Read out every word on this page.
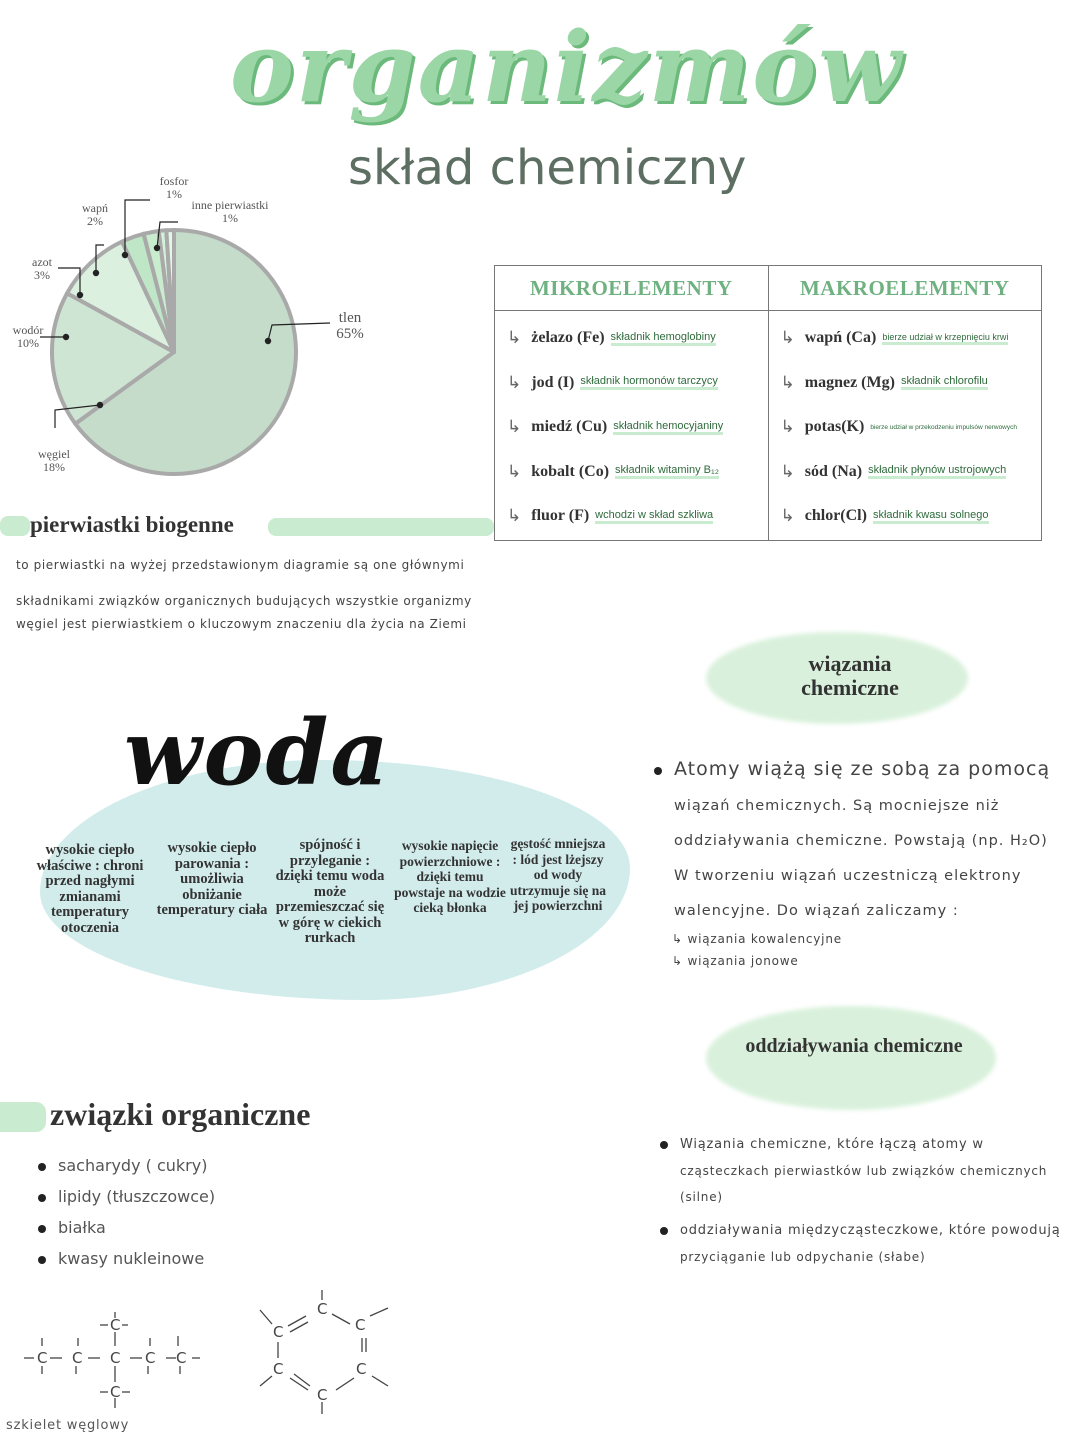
organizmów
skład chemiczny
fosfor
1%
inne pierwiastki
1%
wapń
2%
azot
3%
wodór
10%
węgiel
18%
tlen
65%
MIKROELEMENTY
↳ żelazo (Fe) składnik hemoglobiny
↳ jod (I) składnik hormonów tarczycy
↳ miedź (Cu) składnik hemocyjaniny
↳ kobalt (Co) składnik witaminy B₁₂
↳ fluor (F) wchodzi w skład szkliwa
MAKROELEMENTY
↳ wapń (Ca) bierze udział w krzepnięciu krwi
↳ magnez (Mg) składnik chlorofilu
↳ potas(K) bierze udział w przekodzeniu impulsów nerwowych
↳ sód (Na) składnik płynów ustrojowych
↳ chlor(Cl) składnik kwasu solnego
pierwiastki biogenne
to pierwiastki na wyżej przedstawionym diagramie są one głównymi
składnikami związków organicznych budujących wszystkie organizmy
węgiel jest pierwiastkiem o kluczowym znaczeniu dla życia na Ziemi
woda
wysokie ciepło właściwe : chroni przed nagłymi zmianami temperatury otoczenia
wysokie ciepło parowania : umożliwia obniżanie temperatury ciała
spójność i przyleganie : dzięki temu woda może przemieszczać się w górę w ciekich rurkach
wysokie napięcie powierzchniowe : dzięki temu powstaje na wodzie cieką błonka
gęstość mniejsza : lód jest lżejszy od wody utrzymuje się na jej powierzchni
związki organiczne
sacharydy ( cukry)
lipidy (tłuszczowce)
białka
kwasy nukleinowe
C C C C C
C
C
C
C
C
C	C
C
szkielet węglowy
wiązania chemiczne
Atomy wiążą się ze sobą za pomocą
wiązań chemicznych. Są mocniejsze niż
oddziaływania chemiczne. Powstają (np. H₂O)
W tworzeniu wiązań uczestniczą elektrony
walencyjne. Do wiązań zaliczamy :
↳ wiązania kowalencyjne
↳ wiązania jonowe
oddziaływania chemiczne
Wiązania chemiczne, które łączą atomy w
cząsteczkach pierwiastków lub związków chemicznych
(silne)
oddziaływania międzycząsteczkowe, które powodują
przyciąganie lub odpychanie (słabe)
